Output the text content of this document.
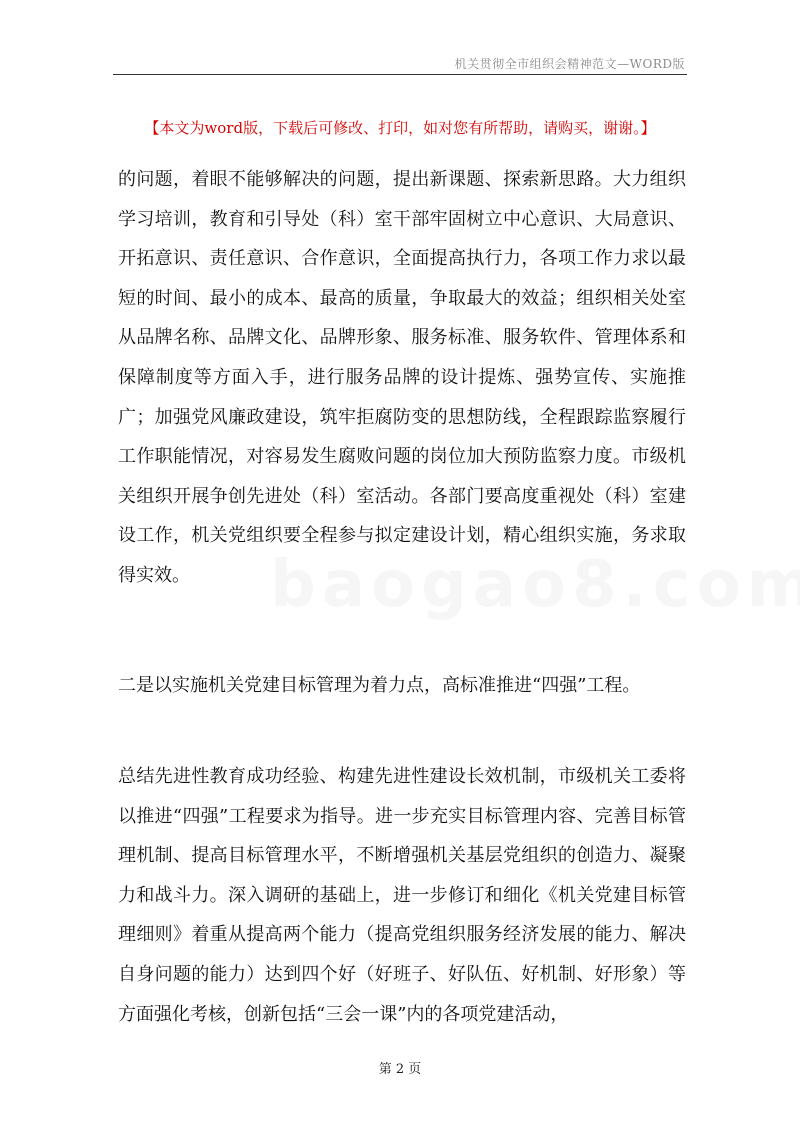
机关贯彻全市组织会精神范文—WORD版
【本文为word版，下载后可修改、打印，如对您有所帮助，请购买，谢谢。】

的问题，着眼不能够解决的问题，提出新课题、探索新思路。大力组织学习培训，教育和引导处（科）室干部牢固树立中心意识、大局意识、开拓意识、责任意识、合作意识，全面提高执行力，各项工作力求以最短的时间、最小的成本、最高的质量，争取最大的效益；组织相关处室从品牌名称、品牌文化、品牌形象、服务标准、服务软件、管理体系和保障制度等方面入手，进行服务品牌的设计提炼、强势宣传、实施推广；加强党风廉政建设，筑牢拒腐防变的思想防线，全程跟踪监察履行工作职能情况，对容易发生腐败问题的岗位加大预防监察力度。市级机关组织开展争创先进处（科）室活动。各部门要高度重视处（科）室建设工作，机关党组织要全程参与拟定建设计划，精心组织实施，务求取得实效。

二是以实施机关党建目标管理为着力点，高标准推进“四强”工程。

总结先进性教育成功经验、构建先进性建设长效机制，市级机关工委将以推进“四强”工程要求为指导。进一步充实目标管理内容、完善目标管理机制、提高目标管理水平，不断增强机关基层党组织的创造力、凝聚力和战斗力。深入调研的基础上，进一步修订和细化《机关党建目标管理细则》着重从提高两个能力（提高党组织服务经济发展的能力、解决自身问题的能力）达到四个好（好班子、好队伍、好机制、好形象）等方面强化考核，创新包括“三会一课”内的各项党建活动，

第 2 页
